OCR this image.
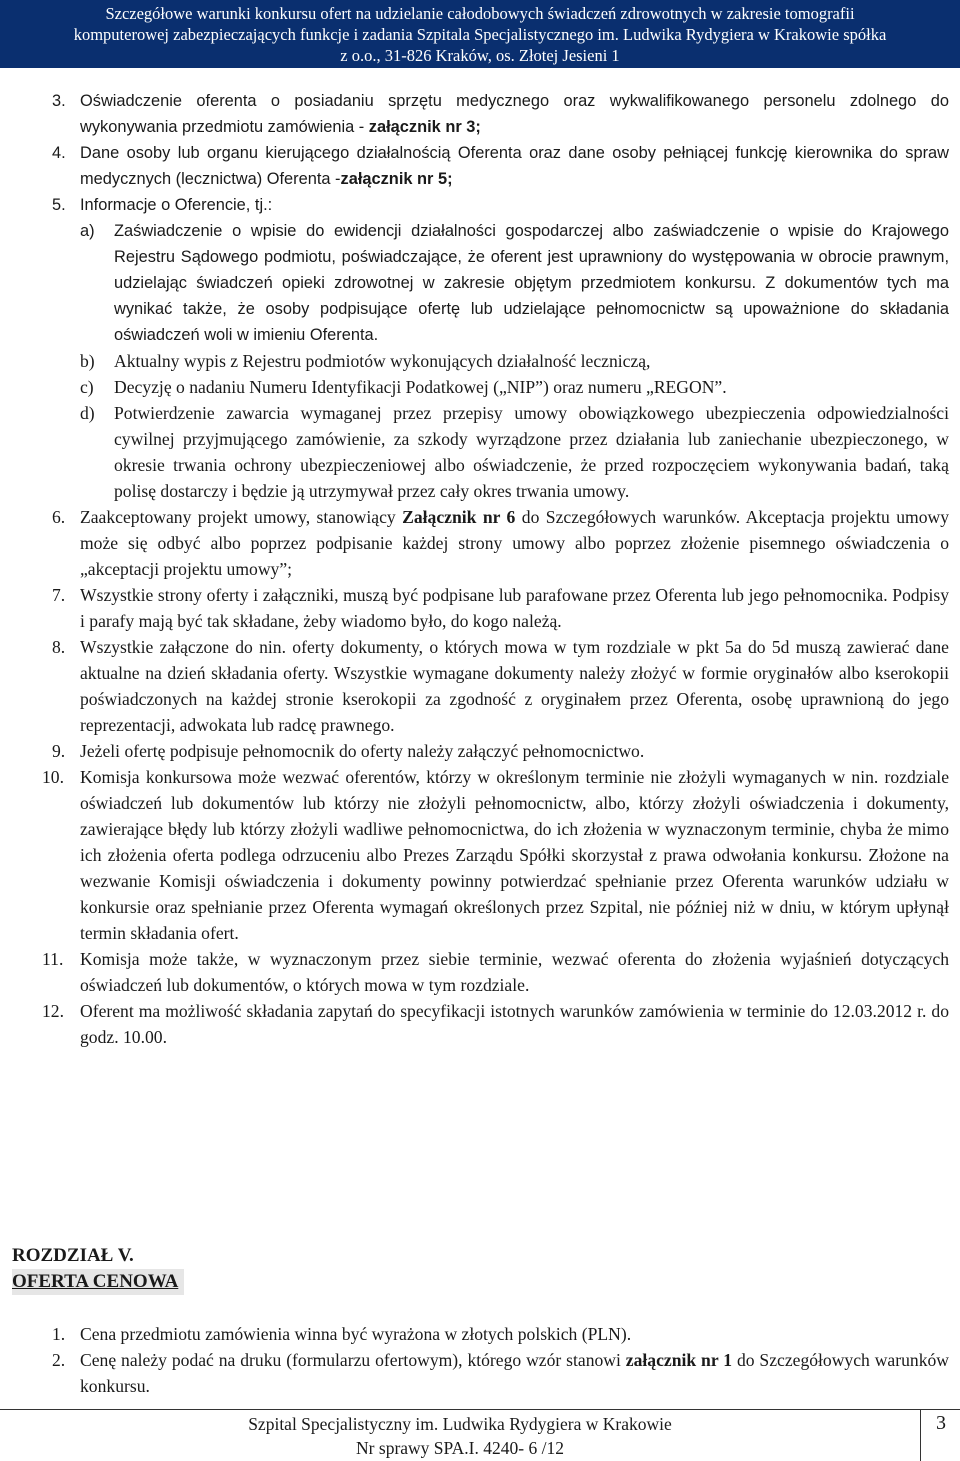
Szczegółowe warunki konkursu ofert na udzielanie całodobowych świadczeń zdrowotnych w zakresie tomografii
komputerowej zabezpieczających funkcje i zadania Szpitala Specjalistycznego im. Ludwika Rydygiera w Krakowie spółka
z o.o., 31-826 Kraków, os. Złotej Jesieni 1
3. Oświadczenie oferenta o posiadaniu sprzętu medycznego oraz wykwalifikowanego personelu zdolnego do wykonywania przedmiotu zamówienia - załącznik nr 3;
4. Dane osoby lub organu kierującego działalnością Oferenta oraz dane osoby pełniącej funkcję kierownika do spraw medycznych (lecznictwa) Oferenta -załącznik nr 5;
5. Informacje o Oferencie, tj.:
a)	Zaświadczenie o wpisie do ewidencji działalności gospodarczej albo zaświadczenie o wpisie do Krajowego Rejestru Sądowego podmiotu, poświadczające, że oferent jest uprawniony do występowania w obrocie prawnym, udzielając świadczeń opieki zdrowotnej w zakresie objętym przedmiotem konkursu. Z dokumentów tych ma wynikać także, że osoby podpisujące ofertę lub udzielające pełnomocnictw są upoważnione do składania oświadczeń woli w imieniu Oferenta.
b)	Aktualny wypis z Rejestru podmiotów wykonujących działalność leczniczą,
c)	Decyzję o nadaniu Numeru Identyfikacji Podatkowej („NIP”) oraz numeru „REGON”.
d)	Potwierdzenie zawarcia wymaganej przez przepisy umowy obowiązkowego ubezpieczenia odpowiedzialności cywilnej przyjmującego zamówienie, za szkody wyrządzone przez działania lub zaniechanie ubezpieczonego, w okresie trwania ochrony ubezpieczeniowej albo oświadczenie, że przed rozpoczęciem wykonywania badań, taką polisę dostarczy i będzie ją utrzymywał przez cały okres trwania umowy.
6. Zaakceptowany projekt umowy, stanowiący Załącznik nr 6 do Szczegółowych warunków. Akceptacja projektu umowy może się odbyć albo poprzez podpisanie każdej strony umowy albo poprzez złożenie pisemnego oświadczenia o „akceptacji projektu umowy”;
7. Wszystkie strony oferty i załączniki, muszą być podpisane lub parafowane przez Oferenta lub jego pełnomocnika. Podpisy i parafy mają być tak składane, żeby wiadomo było, do kogo należą.
8. Wszystkie załączone do nin. oferty dokumenty, o których mowa w tym rozdziale w pkt 5a do 5d muszą zawierać dane aktualne na dzień składania oferty. Wszystkie wymagane dokumenty należy złożyć w formie oryginałów albo kserokopii poświadczonych na każdej stronie kserokopii za zgodność z oryginałem przez Oferenta, osobę uprawnioną do jego reprezentacji, adwokata lub radcę prawnego.
9. Jeżeli ofertę podpisuje pełnomocnik do oferty należy załączyć pełnomocnictwo.
10. Komisja konkursowa może wezwać oferentów, którzy w określonym terminie nie złożyli wymaganych w nin. rozdziale oświadczeń lub dokumentów lub którzy nie złożyli pełnomocnictw, albo, którzy złożyli oświadczenia i dokumenty, zawierające błędy lub którzy złożyli wadliwe pełnomocnictwa, do ich złożenia w wyznaczonym terminie, chyba że mimo ich złożenia oferta podlega odrzuceniu albo Prezes Zarządu Spółki skorzystał z prawa odwołania konkursu. Złożone na wezwanie Komisji oświadczenia i dokumenty powinny potwierdzać spełnianie przez Oferenta warunków udziału w konkursie oraz spełnianie przez Oferenta wymagań określonych przez Szpital, nie później niż w dniu, w którym upłynął termin składania ofert.
11. Komisja może także, w wyznaczonym przez siebie terminie, wezwać oferenta do złożenia wyjaśnień dotyczących oświadczeń lub dokumentów, o których mowa w tym rozdziale.
12. Oferent ma możliwość składania zapytań do specyfikacji istotnych warunków zamówienia w terminie do 12.03.2012 r. do godz. 10.00.
ROZDZIAŁ V.
OFERTA CENOWA
1. Cena przedmiotu zamówienia winna być wyrażona w złotych polskich (PLN).
2. Cenę należy podać na druku (formularzu ofertowym), którego wzór stanowi załącznik nr 1 do Szczegółowych warunków konkursu.
Szpital Specjalistyczny im. Ludwika Rydygiera w Krakowie
Nr sprawy SPA.I. 4240- 6 /12
3
